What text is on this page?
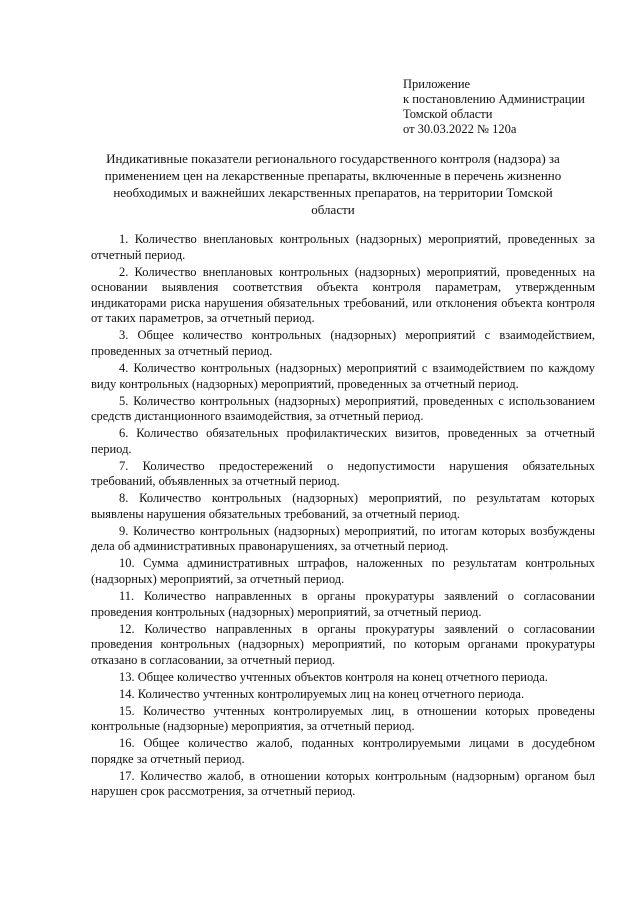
Приложение
к постановлению Администрации
Томской области
от 30.03.2022 № 120а
Индикативные показатели регионального государственного контроля (надзора) за применением цен на лекарственные препараты, включенные в перечень жизненно необходимых и важнейших лекарственных препаратов, на территории Томской области

1. Количество внеплановых контрольных (надзорных) мероприятий, проведенных за отчетный период.

2. Количество внеплановых контрольных (надзорных) мероприятий, проведенных на основании выявления соответствия объекта контроля параметрам, утвержденным индикаторами риска нарушения обязательных требований, или отклонения объекта контроля от таких параметров, за отчетный период.

3. Общее количество контрольных (надзорных) мероприятий с взаимодействием, проведенных за отчетный период.

4. Количество контрольных (надзорных) мероприятий с взаимодействием по каждому виду контрольных (надзорных) мероприятий, проведенных за отчетный период.

5. Количество контрольных (надзорных) мероприятий, проведенных с использованием средств дистанционного взаимодействия, за отчетный период.

6. Количество обязательных профилактических визитов, проведенных за отчетный период.

7. Количество предостережений о недопустимости нарушения обязательных требований, объявленных за отчетный период.

8. Количество контрольных (надзорных) мероприятий, по результатам которых выявлены нарушения обязательных требований, за отчетный период.

9. Количество контрольных (надзорных) мероприятий, по итогам которых возбуждены дела об административных правонарушениях, за отчетный период.

10. Сумма административных штрафов, наложенных по результатам контрольных (надзорных) мероприятий, за отчетный период.

11. Количество направленных в органы прокуратуры заявлений о согласовании проведения контрольных (надзорных) мероприятий, за отчетный период.

12. Количество направленных в органы прокуратуры заявлений о согласовании проведения контрольных (надзорных) мероприятий, по которым органами прокуратуры отказано в согласовании, за отчетный период.

13. Общее количество учтенных объектов контроля на конец отчетного периода.

14. Количество учтенных контролируемых лиц на конец отчетного периода.

15. Количество учтенных контролируемых лиц, в отношении которых проведены контрольные (надзорные) мероприятия, за отчетный период.

16. Общее количество жалоб, поданных контролируемыми лицами в досудебном порядке за отчетный период.

17. Количество жалоб, в отношении которых контрольным (надзорным) органом был нарушен срок рассмотрения, за отчетный период.
